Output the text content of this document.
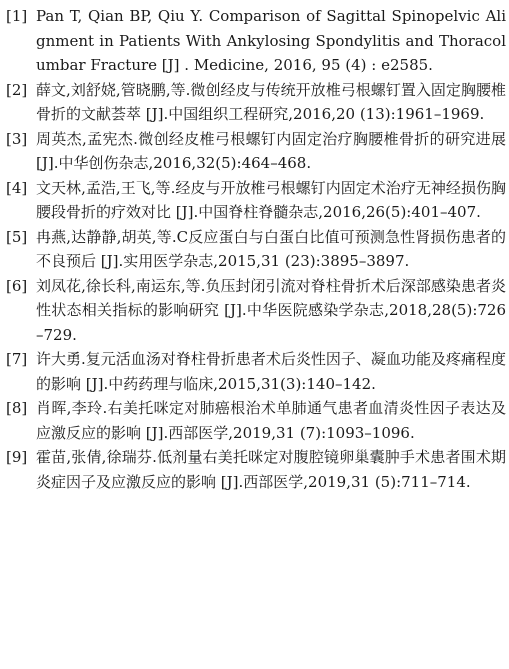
[1] Pan T, Qian BP, Qiu Y. Comparison of Sagittal Spinopelvic Alignment in Patients With Ankylosing Spondylitis and Thoracolumbar Fracture [J] . Medicine, 2016, 95 (4) : e2585.
[2] 薛文,刘舒娆,管晓鹏,等.微创经皮与传统开放椎弓根螺钉置入固定胸腰椎骨折的文献荟萃 [J].中国组织工程研究,2016,20 (13):1961–1969.
[3] 周英杰,孟宪杰.微创经皮椎弓根螺钉内固定治疗胸腰椎骨折的研究进展 [J].中华创伤杂志,2016,32(5):464–468.
[4] 文天林,孟浩,王飞,等.经皮与开放椎弓根螺钉内固定术治疗无神经损伤胸腰段骨折的疗效对比 [J].中国脊柱脊髓杂志,2016,26(5):401–407.
[5] 冉燕,达静静,胡英,等.C反应蛋白与白蛋白比值可预测急性肾损伤患者的不良预后 [J].实用医学杂志,2015,31 (23):3895–3897.
[6] 刘凤花,徐长科,南运东,等.负压封闭引流对脊柱骨折术后深部感染患者炎性状态相关指标的影响研究 [J].中华医院感染学杂志,2018,28(5):726–729.
[7] 许大勇.复元活血汤对脊柱骨折患者术后炎性因子、凝血功能及疼痛程度的影响 [J].中药药理与临床,2015,31(3):140–142.
[8] 肖晖,李玲.右美托咪定对肺癌根治术单肺通气患者血清炎性因子表达及应激反应的影响 [J].西部医学,2019,31 (7):1093–1096.
[9] 霍苗,张倩,徐瑞芬.低剂量右美托咪定对腹腔镜卵巢囊肿手术患者围术期炎症因子及应激反应的影响 [J].西部医学,2019,31 (5):711–714.
